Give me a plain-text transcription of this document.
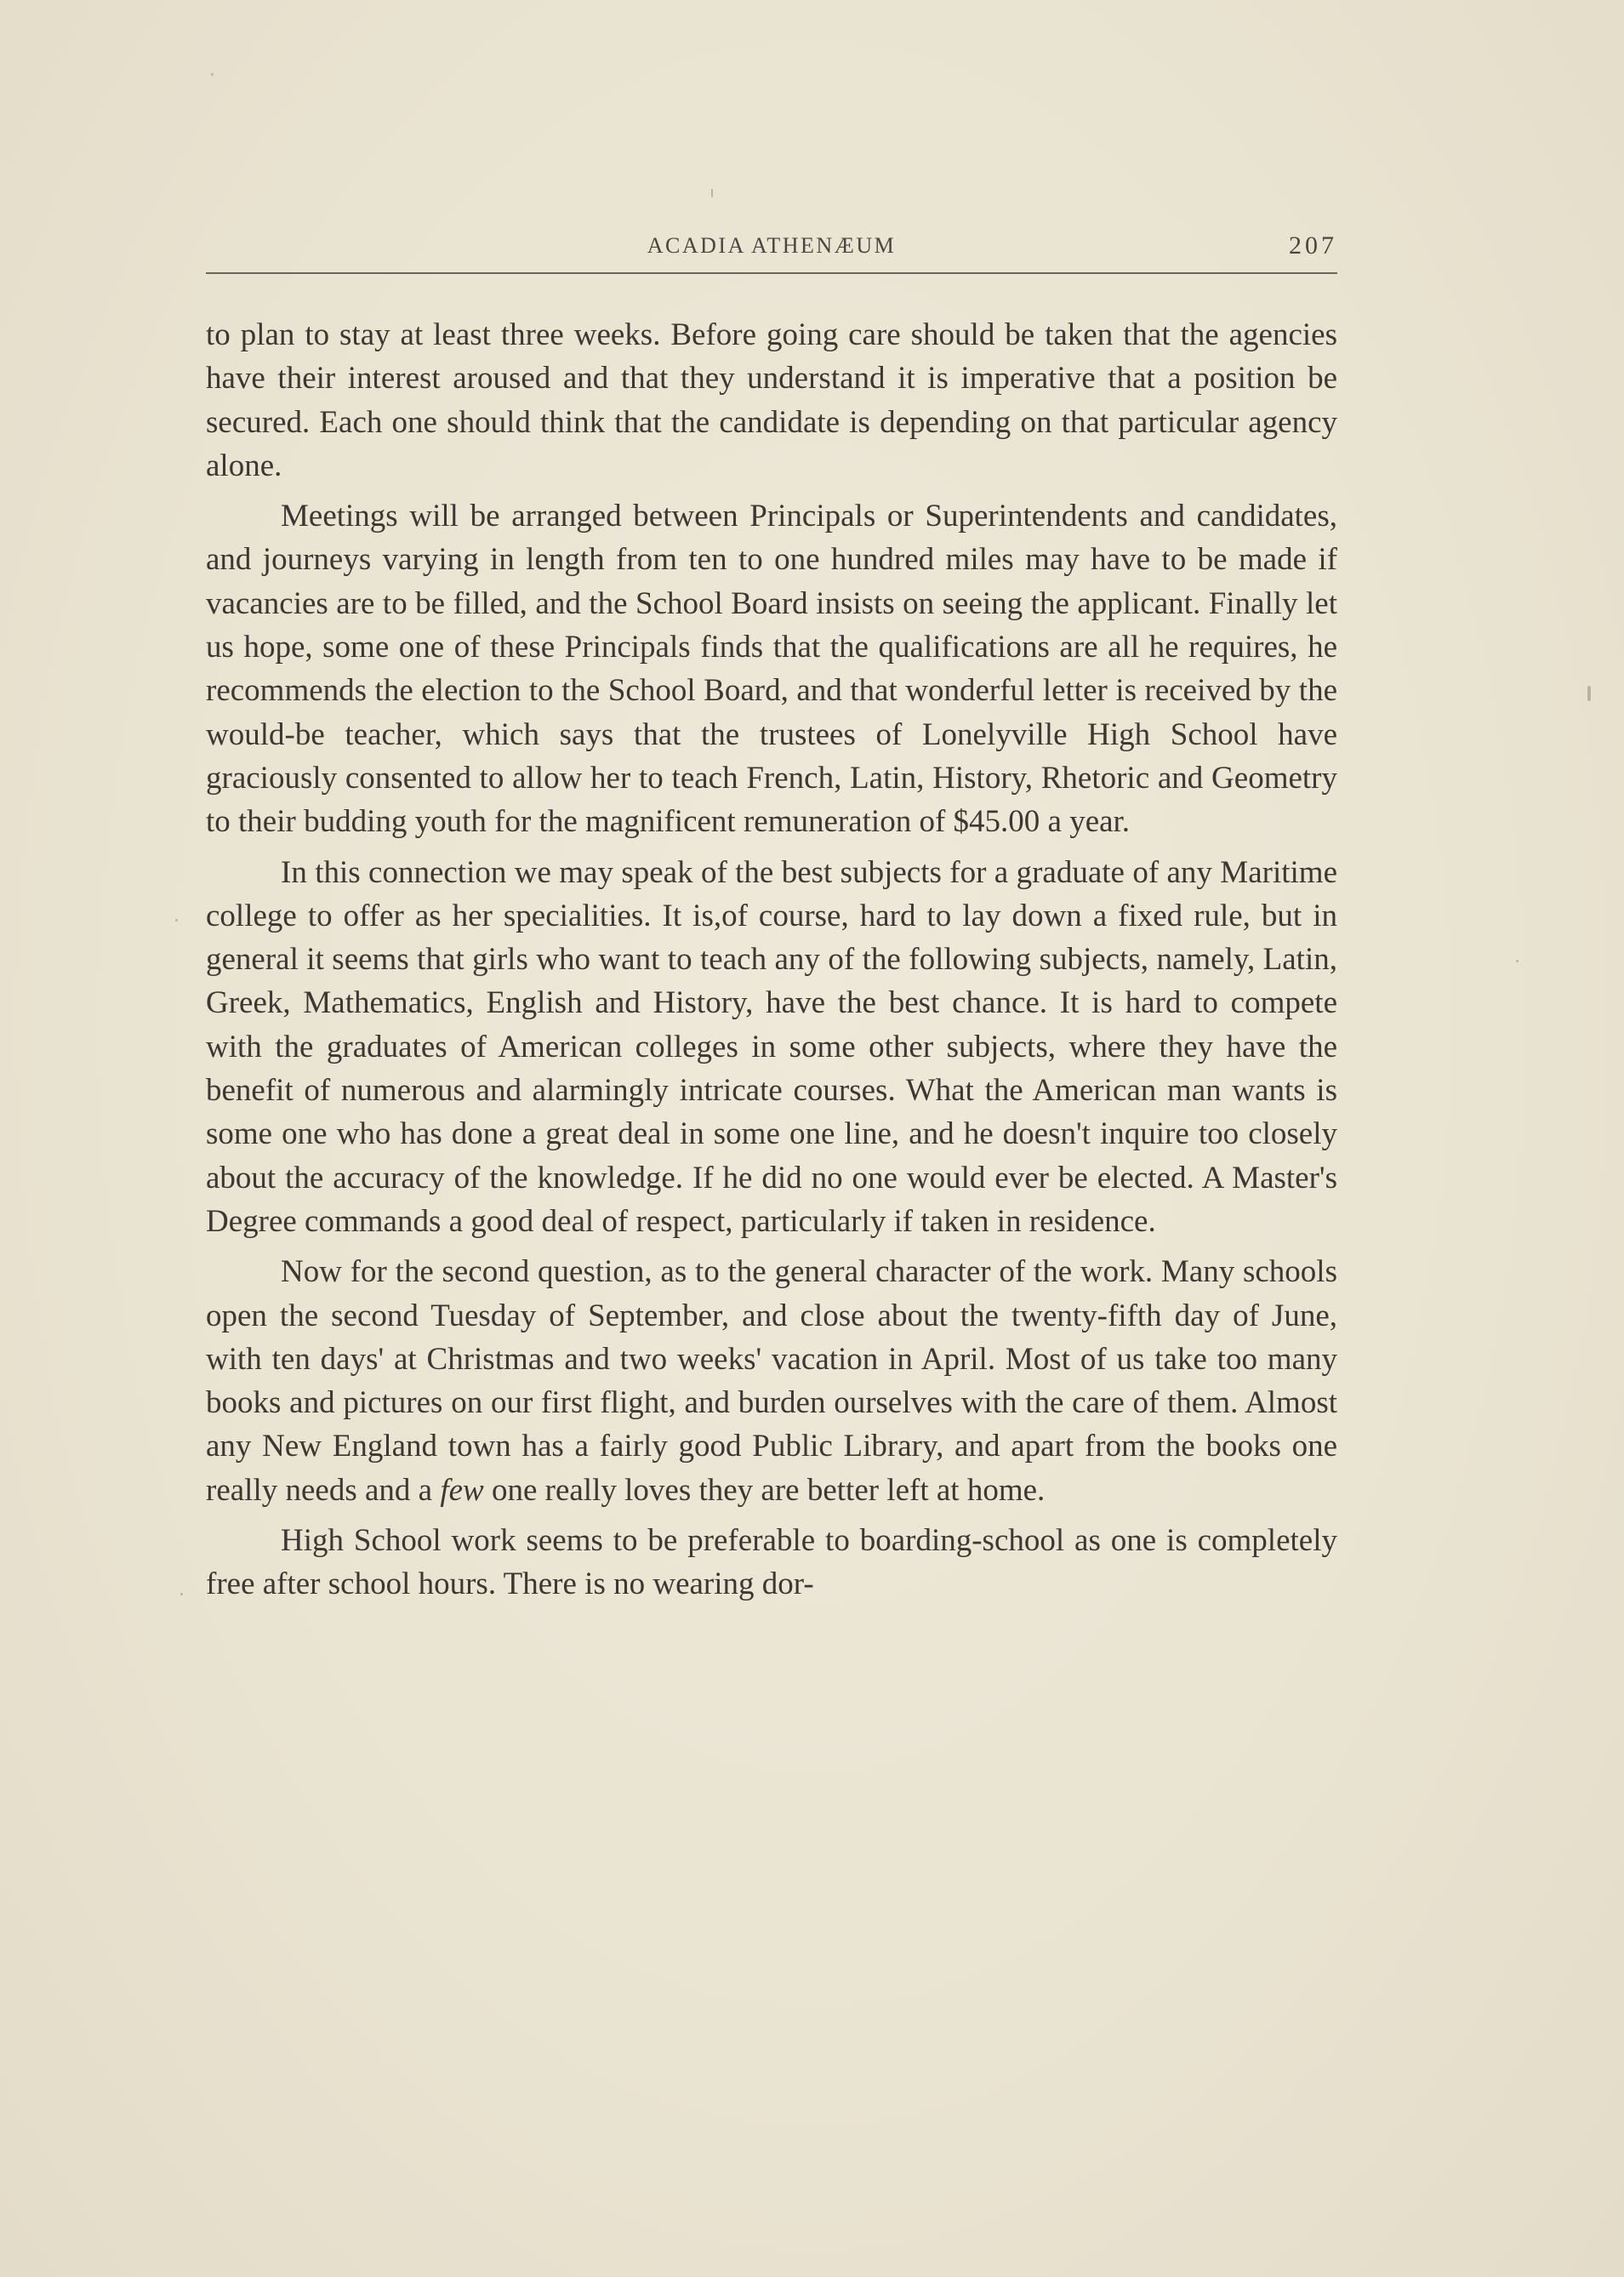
ACADIA ATHENÆUM	207

to plan to stay at least three weeks. Before going care should be taken that the agencies have their interest aroused and that they understand it is imperative that a position be secured. Each one should think that the candidate is depending on that particular agency alone.

Meetings will be arranged between Principals or Superintendents and candidates, and journeys varying in length from ten to one hundred miles may have to be made if vacancies are to be filled, and the School Board insists on seeing the applicant. Finally let us hope, some one of these Principals finds that the qualifications are all he requires, he recommends the election to the School Board, and that wonderful letter is received by the would-be teacher, which says that the trustees of Lonelyville High School have graciously consented to allow her to teach French, Latin, History, Rhetoric and Geometry to their budding youth for the magnificent remuneration of $45.00 a year.

In this connection we may speak of the best subjects for a graduate of any Maritime college to offer as her specialities. It is,of course, hard to lay down a fixed rule, but in general it seems that girls who want to teach any of the following subjects, namely, Latin, Greek, Mathematics, English and History, have the best chance. It is hard to compete with the graduates of American colleges in some other subjects, where they have the benefit of numerous and alarmingly intricate courses. What the American man wants is some one who has done a great deal in some one line, and he doesn't inquire too closely about the accuracy of the knowledge. If he did no one would ever be elected. A Master's Degree commands a good deal of respect, particularly if taken in residence.

Now for the second question, as to the general character of the work. Many schools open the second Tuesday of September, and close about the twenty-fifth day of June, with ten days' at Christmas and two weeks' vacation in April. Most of us take too many books and pictures on our first flight, and burden ourselves with the care of them. Almost any New England town has a fairly good Public Library, and apart from the books one really needs and a few one really loves they are better left at home.

High School work seems to be preferable to boarding-school as one is completely free after school hours. There is no wearing dor-
